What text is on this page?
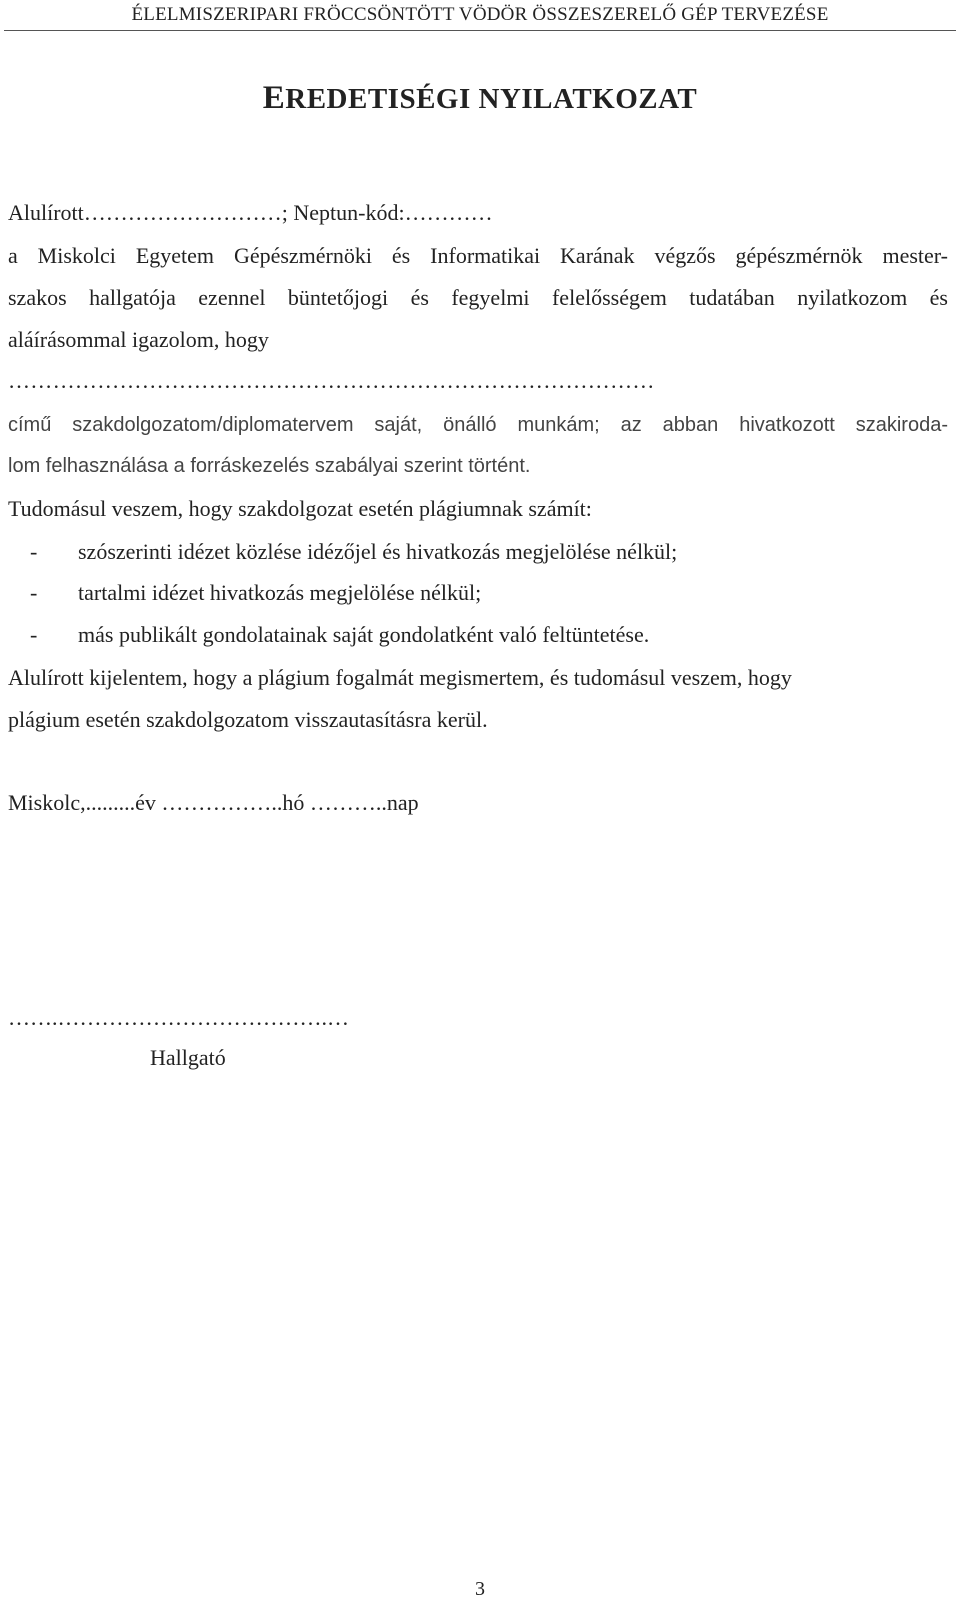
ÉLELMISZERIPARI FRÖCCSÖNTÖTT VÖDÖR ÖSSZESZERELŐ GÉP TERVEZÉSE
EREDETISÉGI NYILATKOZAT
Alulírott………………………; Neptun-kód:…………
a Miskolci Egyetem Gépészmérnöki és Informatikai Karának végzős gépészmérnök mester-
szakos hallgatója ezennel büntetőjogi és fegyelmi felelősségem tudatában nyilatkozom és
aláírásommal igazolom, hogy
……………………………………………………………………………
című szakdolgozatom/diplomatervem saját, önálló munkám; az abban hivatkozott szakiroda-
lom felhasználása a forráskezelés szabályai szerint történt.
Tudomásul veszem, hogy szakdolgozat esetén plágiumnak számít:
- szószerinti idézet közlése idézőjel és hivatkozás megjelölése nélkül;
- tartalmi idézet hivatkozás megjelölése nélkül;
- más publikált gondolatainak saját gondolatként való feltüntetése.
Alulírott kijelentem, hogy a plágium fogalmát megismertem, és tudomásul veszem, hogy
plágium esetén szakdolgozatom visszautasításra kerül.
Miskolc,.........év ……………..hó ………..nap
…….……………………………….…
Hallgató
3
